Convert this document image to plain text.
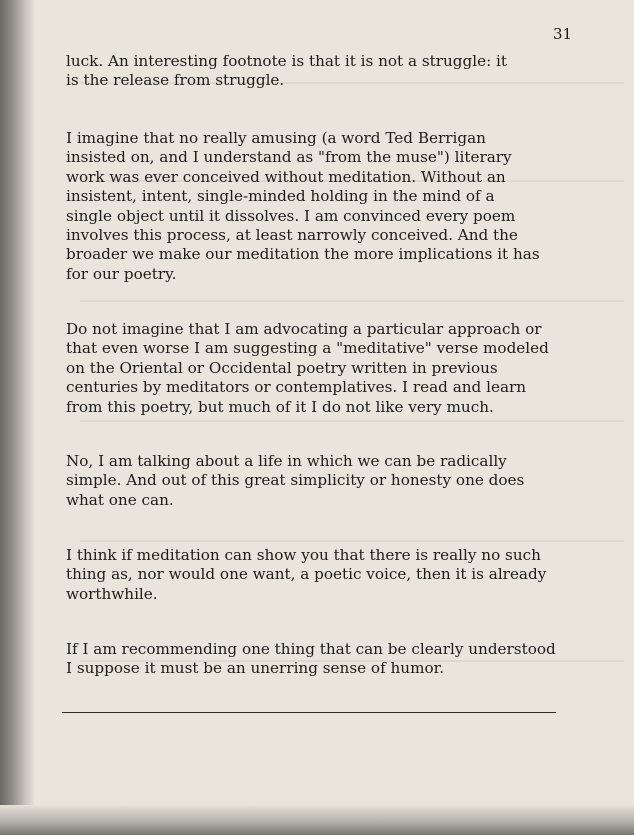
31

luck. An interesting footnote is that it is not a struggle: it
is the release from struggle.

I imagine that no really amusing (a word Ted Berrigan
insisted on, and I understand as "from the muse") literary
work was ever conceived without meditation. Without an
insistent, intent, single-minded holding in the mind of a
single object until it dissolves. I am convinced every poem
involves this process, at least narrowly conceived. And the
broader we make our meditation the more implications it has
for our poetry.

Do not imagine that I am advocating a particular approach or
that even worse I am suggesting a "meditative" verse modeled
on the Oriental or Occidental poetry written in previous
centuries by meditators or contemplatives. I read and learn
from this poetry, but much of it I do not like very much.

No, I am talking about a life in which we can be radically
simple. And out of this great simplicity or honesty one does
what one can.

I think if meditation can show you that there is really no such
thing as, nor would one want, a poetic voice, then it is already
worthwhile.

If I am recommending one thing that can be clearly understood
I suppose it must be an unerring sense of humor.
